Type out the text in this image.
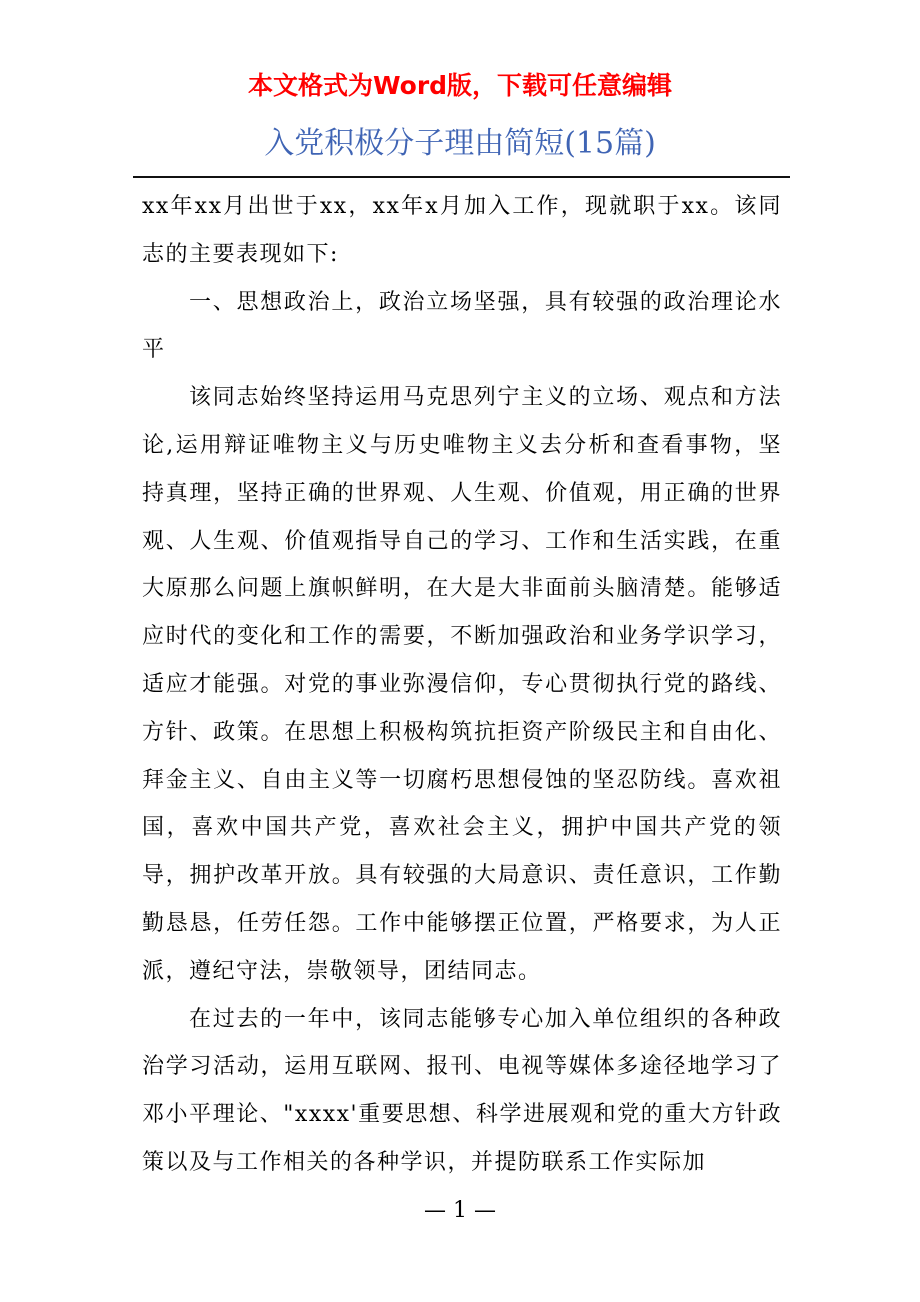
本文格式为Word版，下载可任意编辑
入党积极分子理由简短(15篇)

xx年xx月出世于xx，xx年x月加入工作，现就职于xx。该同志的主要表现如下:

一、思想政治上，政治立场坚强，具有较强的政治理论水平

该同志始终坚持运用马克思列宁主义的立场、观点和方法论,运用辩证唯物主义与历史唯物主义去分析和查看事物，坚持真理，坚持正确的世界观、人生观、价值观，用正确的世界观、人生观、价值观指导自己的学习、工作和生活实践，在重大原那么问题上旗帜鲜明，在大是大非面前头脑清楚。能够适应时代的变化和工作的需要，不断加强政治和业务学识学习，适应才能强。对党的事业弥漫信仰，专心贯彻执行党的路线、方针、政策。在思想上积极构筑抗拒资产阶级民主和自由化、拜金主义、自由主义等一切腐朽思想侵蚀的坚忍防线。喜欢祖国，喜欢中国共产党，喜欢社会主义，拥护中国共产党的领导，拥护改革开放。具有较强的大局意识、责任意识，工作勤勤恳恳，任劳任怨。工作中能够摆正位置，严格要求，为人正派，遵纪守法，崇敬领导，团结同志。

在过去的一年中，该同志能够专心加入单位组织的各种政治学习活动，运用互联网、报刊、电视等媒体多途径地学习了邓小平理论、"xxxx'重要思想、科学进展观和党的重大方针政策以及与工作相关的各种学识，并提防联系工作实际加

— 1 —
